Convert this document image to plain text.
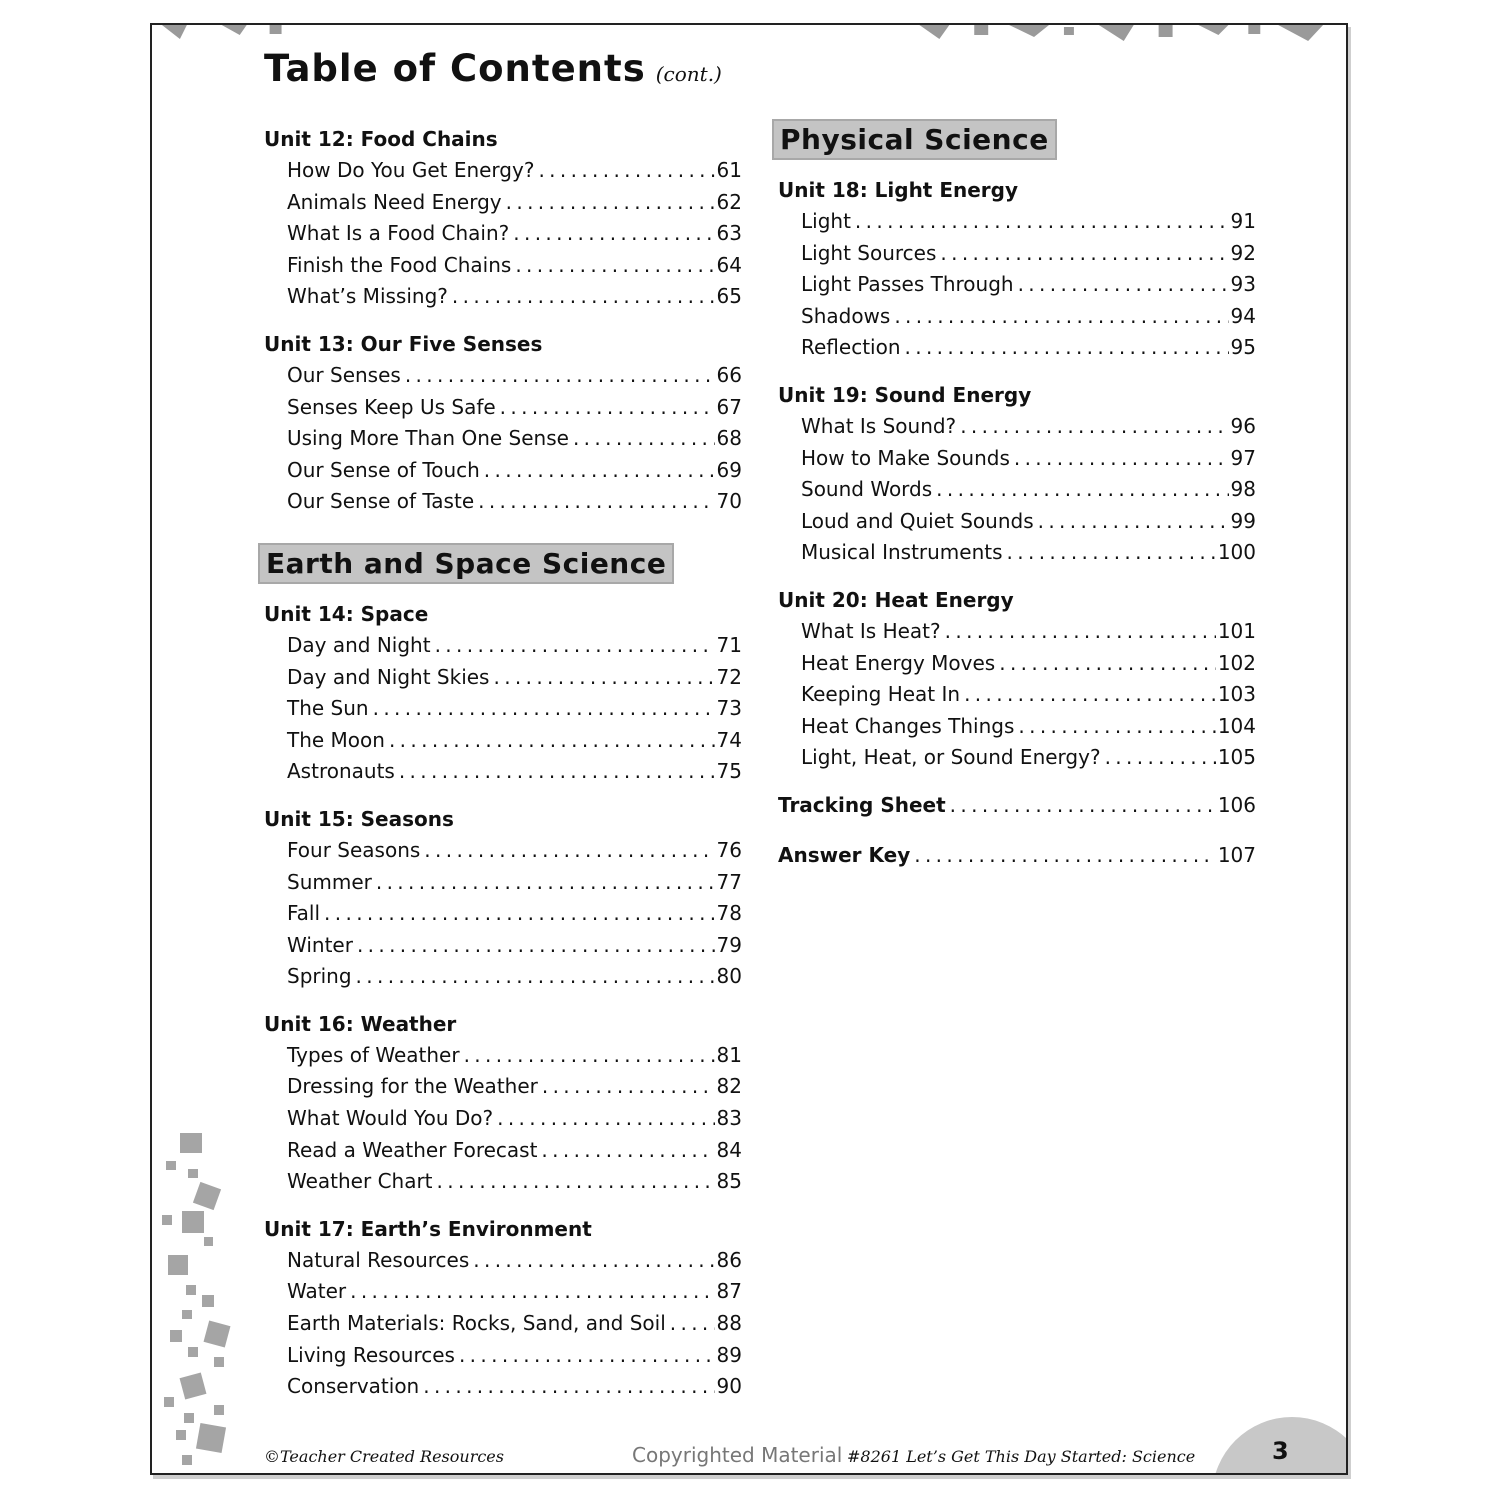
Table of Contents (cont.)
Unit 12: Food Chains
How Do You Get Energy? . . .	61
Animals Need Energy . . .	62
What Is a Food Chain? . . .	63
Finish the Food Chains . . .	64
What’s Missing? . . .	65
Unit 13: Our Five Senses
Our Senses . . .	66
Senses Keep Us Safe . . .	67
Using More Than One Sense . . .	68
Our Sense of Touch . . .	69
Our Sense of Taste . . .	70
Earth and Space Science
Unit 14: Space
Day and Night . . .	71
Day and Night Skies . . .	72
The Sun . . .	73
The Moon . . .	74
Astronauts . . .	75
Unit 15: Seasons
Four Seasons . . .	76
Summer . . .	77
Fall . . .	78
Winter . . .	79
Spring . . .	80
Unit 16: Weather
Types of Weather . . .	81
Dressing for the Weather . . .	82
What Would You Do? . . .	83
Read a Weather Forecast . . .	84
Weather Chart . . .	85
Unit 17: Earth’s Environment
Natural Resources . . .	86
Water . . .	87
Earth Materials: Rocks, Sand, and Soil . . .	88
Living Resources . . .	89
Conservation . . .	90
Physical Science
Unit 18: Light Energy
Light . . .	91
Light Sources . . .	92
Light Passes Through . . .	93
Shadows . . .	94
Reflection . . .	95
Unit 19: Sound Energy
What Is Sound? . . .	96
How to Make Sounds . . .	97
Sound Words . . .	98
Loud and Quiet Sounds . . .	99
Musical Instruments . . .	100
Unit 20: Heat Energy
What Is Heat? . . .	101
Heat Energy Moves . . .	102
Keeping Heat In . . .	103
Heat Changes Things . . .	104
Light, Heat, or Sound Energy? . . .	105
Tracking Sheet . . .	106
Answer Key . . .	107
©Teacher Created Resources	Copyrighted Material #8261 Let’s Get This Day Started: Science	3
